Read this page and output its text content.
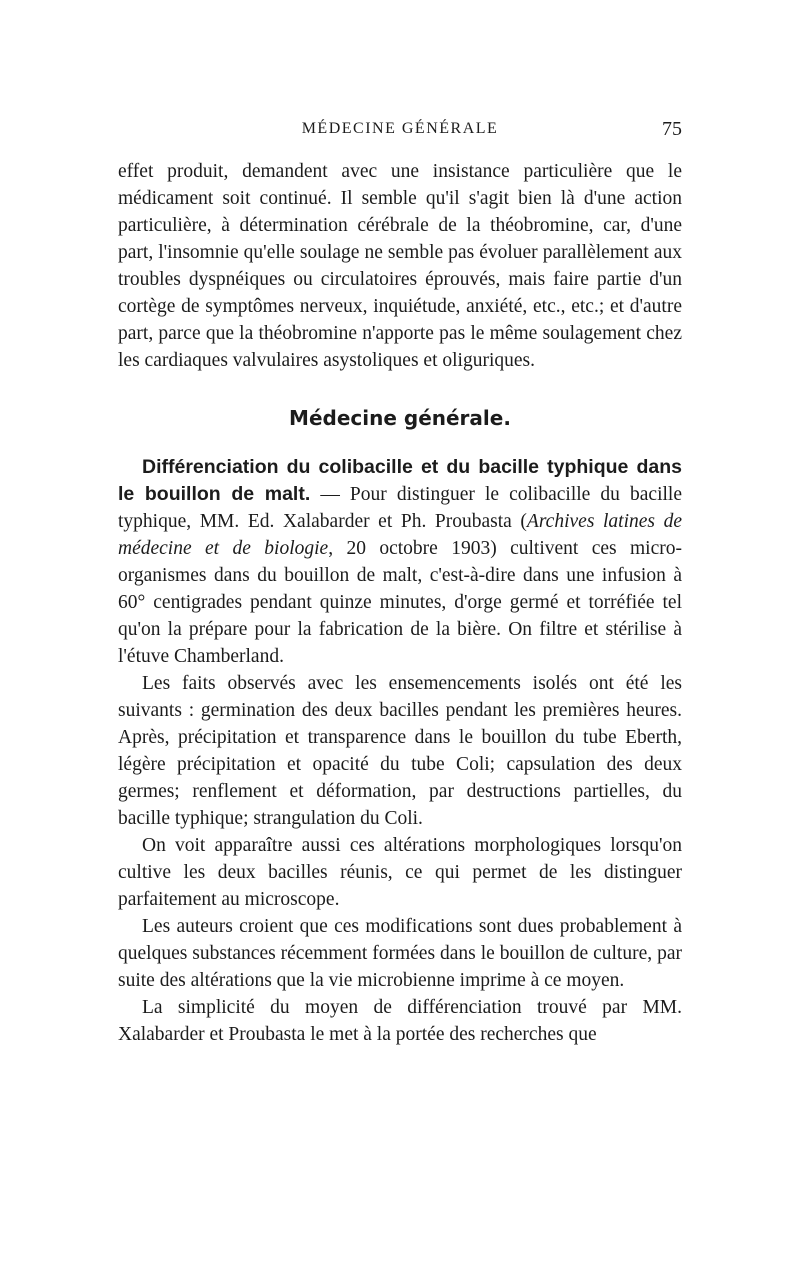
MÉDECINE GÉNÉRALE	75

effet produit, demandent avec une insistance particulière que le médicament soit continué. Il semble qu'il s'agit bien là d'une action particulière, à détermination cérébrale de la théobromine, car, d'une part, l'insomnie qu'elle soulage ne semble pas évoluer parallèlement aux troubles dyspnéiques ou circulatoires éprouvés, mais faire partie d'un cortège de symptômes nerveux, inquiétude, anxiété, etc., etc.; et d'autre part, parce que la théobromine n'apporte pas le même soulagement chez les cardiaques valvulaires asystoliques et oliguriques.

Médecine générale.

Différenciation du colibacille et du bacille typhique dans le bouillon de malt. — Pour distinguer le colibacille du bacille typhique, MM. Ed. Xalabarder et Ph. Proubasta (Archives latines de médecine et de biologie, 20 octobre 1903) cultivent ces micro-organismes dans du bouillon de malt, c'est-à-dire dans une infusion à 60° centigrades pendant quinze minutes, d'orge germé et torréfiée tel qu'on la prépare pour la fabrication de la bière. On filtre et stérilise à l'étuve Chamberland.

Les faits observés avec les ensemencements isolés ont été les suivants : germination des deux bacilles pendant les premières heures. Après, précipitation et transparence dans le bouillon du tube Eberth, légère précipitation et opacité du tube Coli; capsulation des deux germes; renflement et déformation, par destructions partielles, du bacille typhique; strangulation du Coli.

On voit apparaître aussi ces altérations morphologiques lorsqu'on cultive les deux bacilles réunis, ce qui permet de les distinguer parfaitement au microscope.

Les auteurs croient que ces modifications sont dues probablement à quelques substances récemment formées dans le bouillon de culture, par suite des altérations que la vie microbienne imprime à ce moyen.

La simplicité du moyen de différenciation trouvé par MM. Xalabarder et Proubasta le met à la portée des recherches que
